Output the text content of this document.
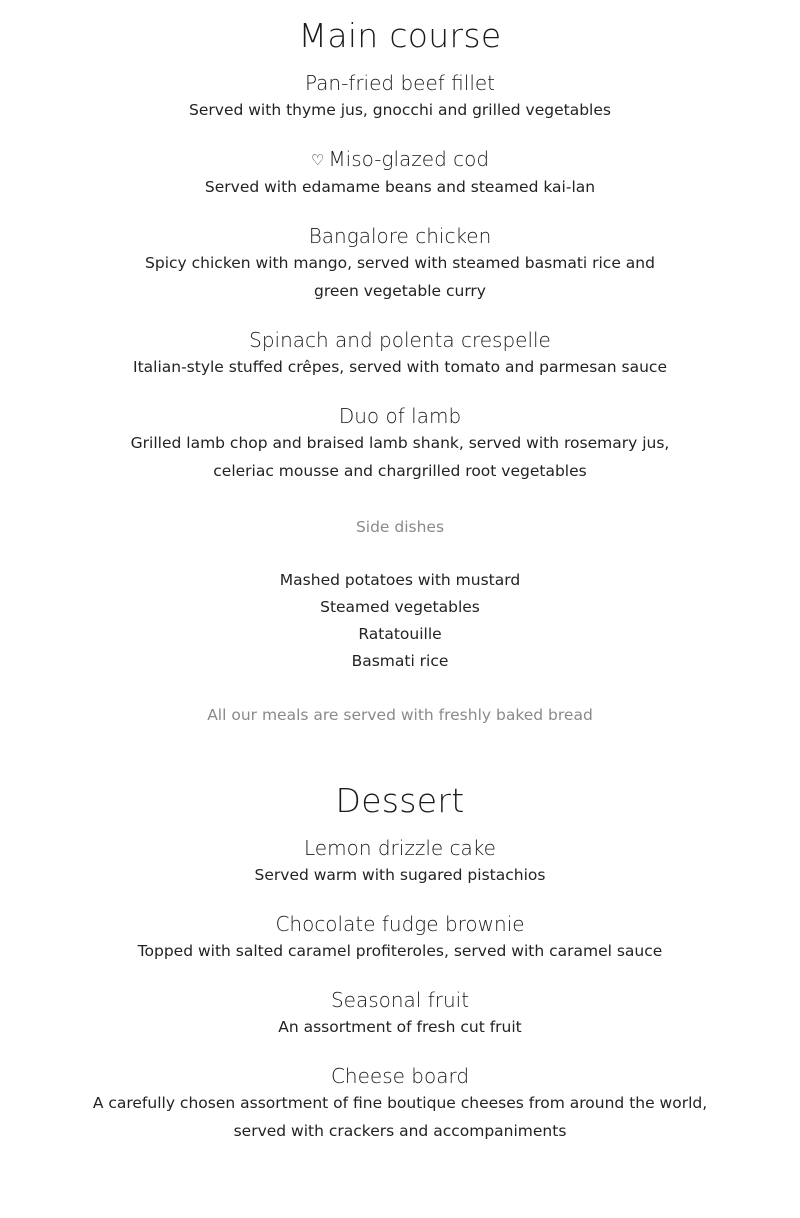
Main course

Pan-fried beef fillet

Served with thyme jus, gnocchi and grilled vegetables

♡ Miso-glazed cod

Served with edamame beans and steamed kai-lan

Bangalore chicken

Spicy chicken with mango, served with steamed basmati rice and
green vegetable curry

Spinach and polenta crespelle

Italian-style stuffed crêpes, served with tomato and parmesan sauce

Duo of lamb

Grilled lamb chop and braised lamb shank, served with rosemary jus,
celeriac mousse and chargrilled root vegetables

Side dishes

Mashed potatoes with mustard
Steamed vegetables
Ratatouille
Basmati rice

All our meals are served with freshly baked bread

Dessert

Lemon drizzle cake

Served warm with sugared pistachios

Chocolate fudge brownie

Topped with salted caramel profiteroles, served with caramel sauce

Seasonal fruit

An assortment of fresh cut fruit

Cheese board

A carefully chosen assortment of fine boutique cheeses from around the world,
served with crackers and accompaniments
